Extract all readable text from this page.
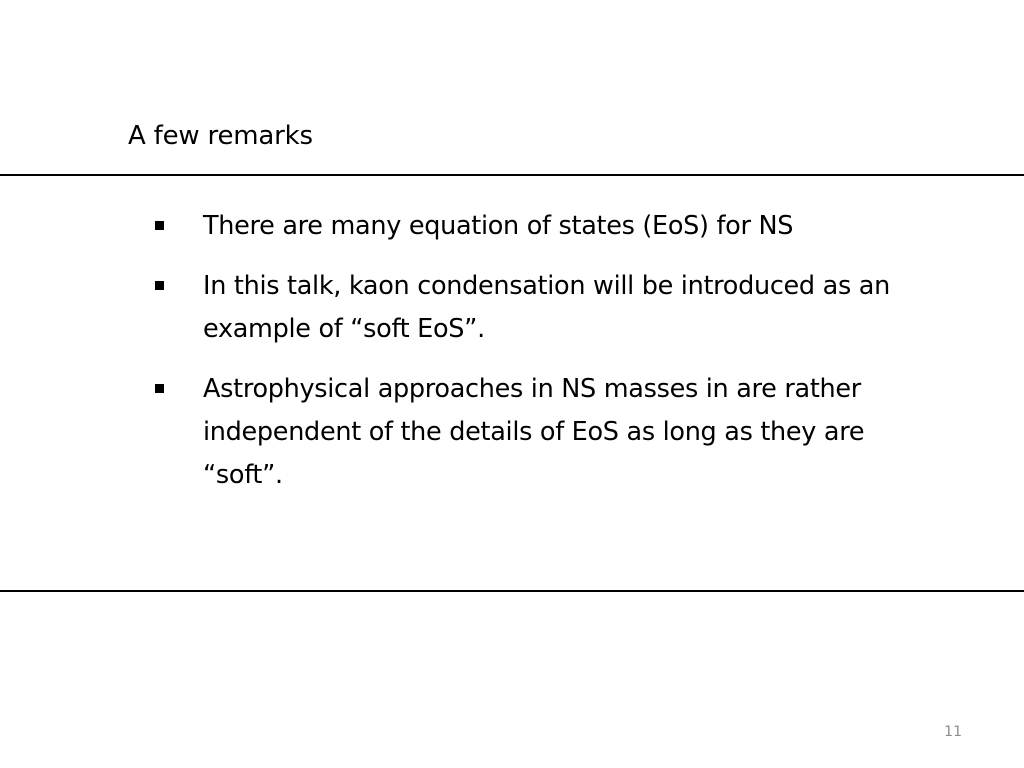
A few remarks
There are many equation of states (EoS) for NS
In this talk, kaon condensation will be introduced as an example of “soft EoS”.
Astrophysical approaches in NS masses in are rather independent of the details of EoS as long as they are “soft”.
11
